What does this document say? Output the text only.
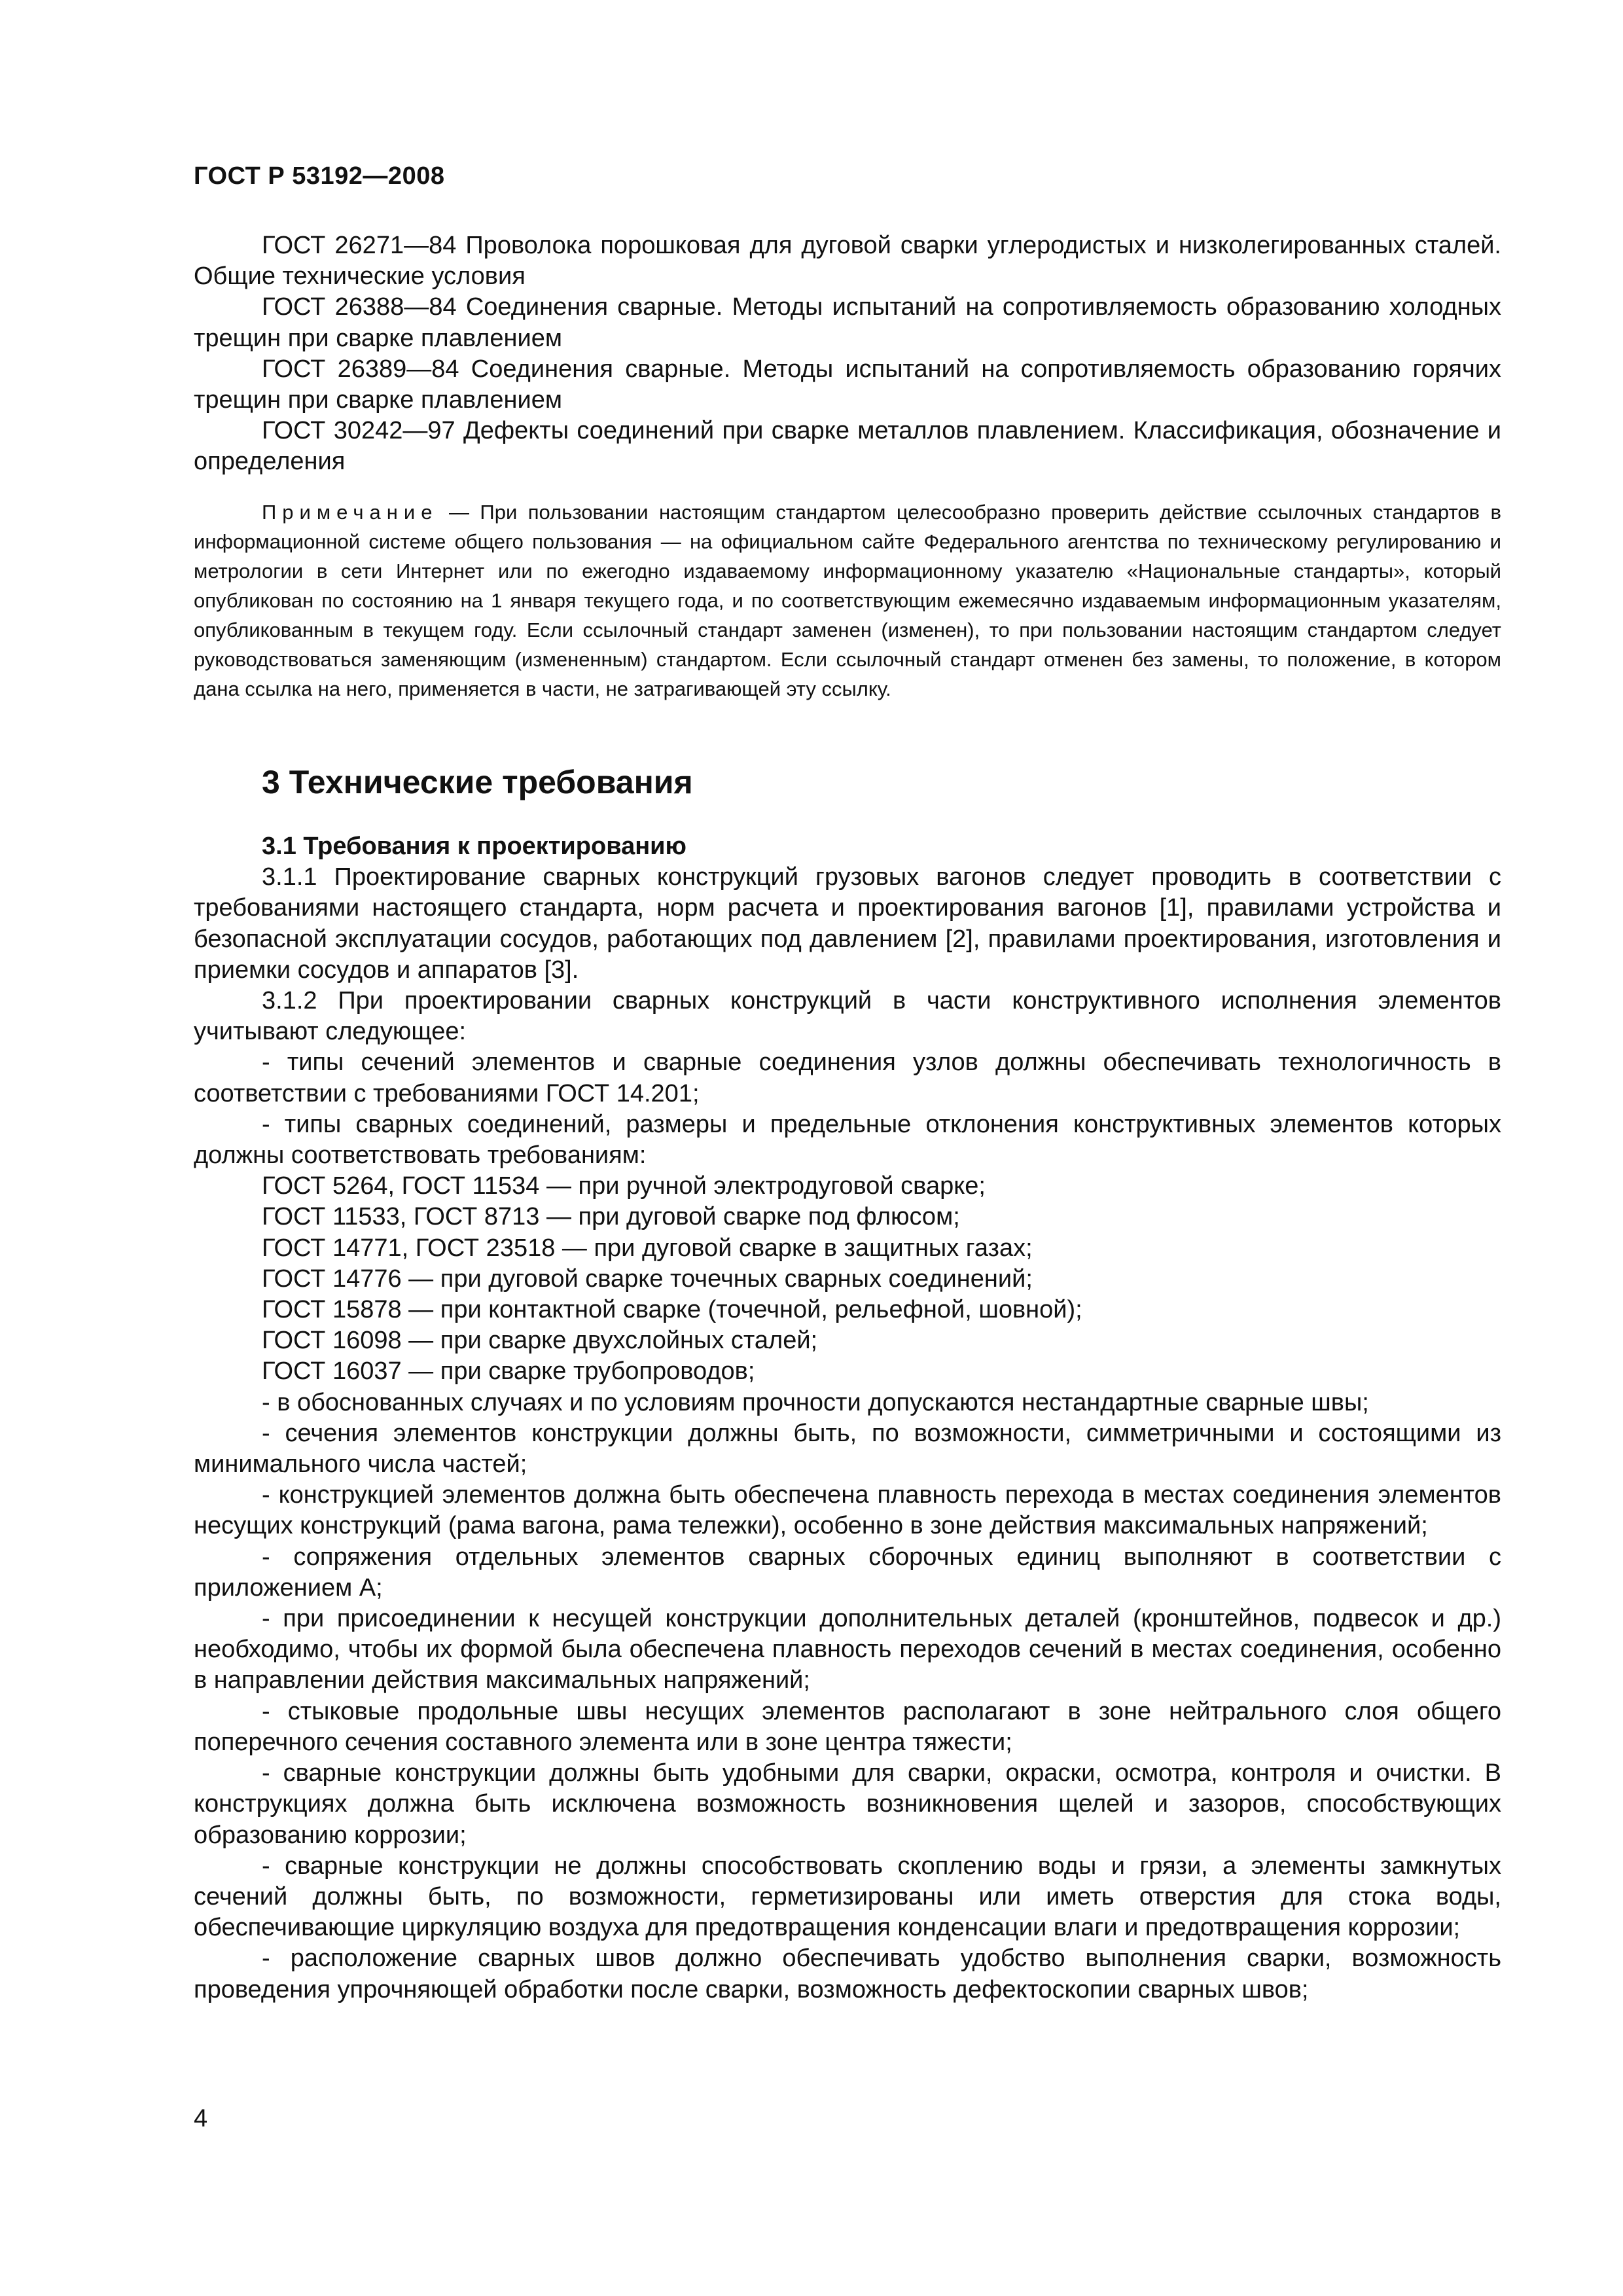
ГОСТ Р 53192—2008

ГОСТ 26271—84 Проволока порошковая для дуговой сварки углеродистых и низколегированных сталей. Общие технические условия

ГОСТ 26388—84 Соединения сварные. Методы испытаний на сопротивляемость образованию холодных трещин при сварке плавлением

ГОСТ 26389—84 Соединения сварные. Методы испытаний на сопротивляемость образованию горячих трещин при сварке плавлением

ГОСТ 30242—97 Дефекты соединений при сварке металлов плавлением. Классификация, обозначение и определения

Примечание — При пользовании настоящим стандартом целесообразно проверить действие ссылочных стандартов в информационной системе общего пользования — на официальном сайте Федерального агентства по техническому регулированию и метрологии в сети Интернет или по ежегодно издаваемому информационному указателю «Национальные стандарты», который опубликован по состоянию на 1 января текущего года, и по соответствующим ежемесячно издаваемым информационным указателям, опубликованным в текущем году. Если ссылочный стандарт заменен (изменен), то при пользовании настоящим стандартом следует руководствоваться заменяющим (измененным) стандартом. Если ссылочный стандарт отменен без замены, то положение, в котором дана ссылка на него, применяется в части, не затрагивающей эту ссылку.

3 Технические требования

3.1 Требования к проектированию

3.1.1 Проектирование сварных конструкций грузовых вагонов следует проводить в соответствии с требованиями настоящего стандарта, норм расчета и проектирования вагонов [1], правилами устройства и безопасной эксплуатации сосудов, работающих под давлением [2], правилами проектирования, изготовления и приемки сосудов и аппаратов [3].

3.1.2 При проектировании сварных конструкций в части конструктивного исполнения элементов учитывают следующее:

- типы сечений элементов и сварные соединения узлов должны обеспечивать технологичность в соответствии с требованиями ГОСТ 14.201;

- типы сварных соединений, размеры и предельные отклонения конструктивных элементов которых должны соответствовать требованиям:

ГОСТ 5264, ГОСТ 11534 — при ручной электродуговой сварке;

ГОСТ 11533, ГОСТ 8713 — при дуговой сварке под флюсом;

ГОСТ 14771, ГОСТ 23518 — при дуговой сварке в защитных газах;

ГОСТ 14776 — при дуговой сварке точечных сварных соединений;

ГОСТ 15878 — при контактной сварке (точечной, рельефной, шовной);

ГОСТ 16098 — при сварке двухслойных сталей;

ГОСТ 16037 — при сварке трубопроводов;

- в обоснованных случаях и по условиям прочности допускаются нестандартные сварные швы;

- сечения элементов конструкции должны быть, по возможности, симметричными и состоящими из минимального числа частей;

- конструкцией элементов должна быть обеспечена плавность перехода в местах соединения элементов несущих конструкций (рама вагона, рама тележки), особенно в зоне действия максимальных напряжений;

- сопряжения отдельных элементов сварных сборочных единиц выполняют в соответствии с приложением А;

- при присоединении к несущей конструкции дополнительных деталей (кронштейнов, подвесок и др.) необходимо, чтобы их формой была обеспечена плавность переходов сечений в местах соединения, особенно в направлении действия максимальных напряжений;

- стыковые продольные швы несущих элементов располагают в зоне нейтрального слоя общего поперечного сечения составного элемента или в зоне центра тяжести;

- сварные конструкции должны быть удобными для сварки, окраски, осмотра, контроля и очистки. В конструкциях должна быть исключена возможность возникновения щелей и зазоров, способствующих образованию коррозии;

- сварные конструкции не должны способствовать скоплению воды и грязи, а элементы замкнутых сечений должны быть, по возможности, герметизированы или иметь отверстия для стока воды, обеспечивающие циркуляцию воздуха для предотвращения конденсации влаги и предотвращения коррозии;

- расположение сварных швов должно обеспечивать удобство выполнения сварки, возможность проведения упрочняющей обработки после сварки, возможность дефектоскопии сварных швов;

4
